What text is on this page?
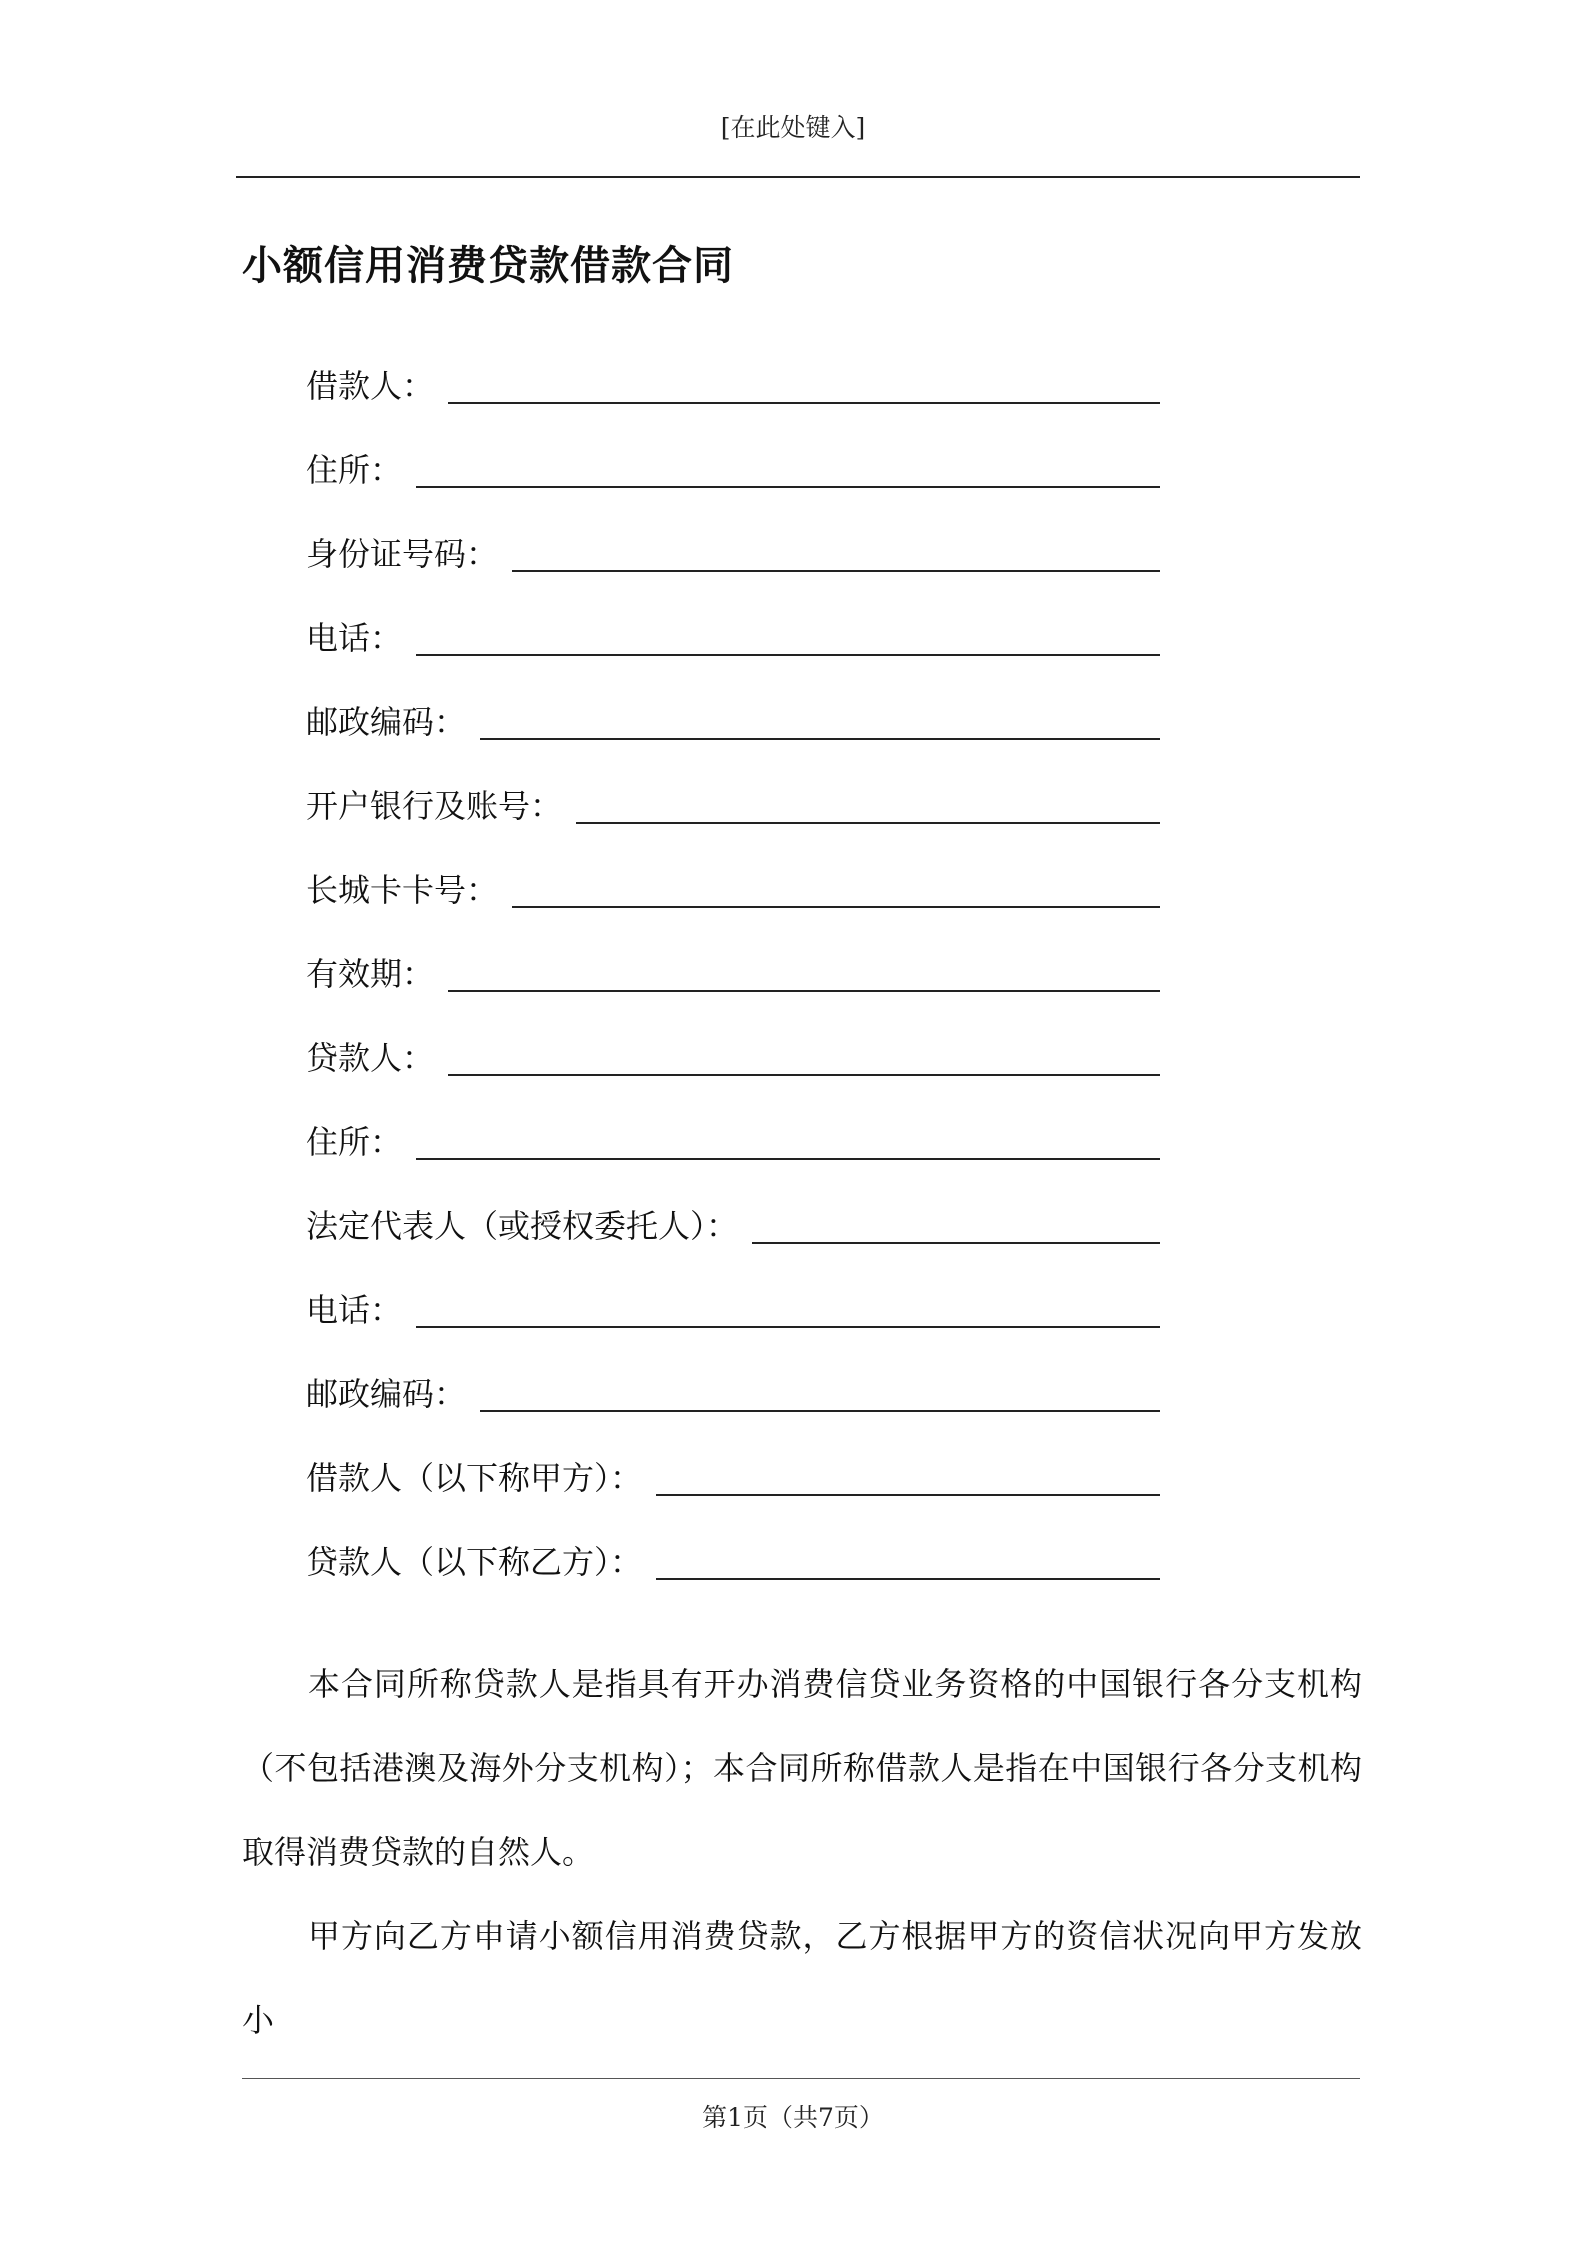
[在此处键入]
小额信用消费贷款借款合同
借款人：
住所：
身份证号码：
电话：
邮政编码：
开户银行及账号：
长城卡卡号：
有效期：
贷款人：
住所：
法定代表人（或授权委托人）：
电话：
邮政编码：
借款人（以下称甲方）：
贷款人（以下称乙方）：

本合同所称贷款人是指具有开办消费信贷业务资格的中国银行各分支机构（不包括港澳及海外分支机构）；本合同所称借款人是指在中国银行各分支机构取得消费贷款的自然人。

甲方向乙方申请小额信用消费贷款，乙方根据甲方的资信状况向甲方发放小

第1页（共7页）
